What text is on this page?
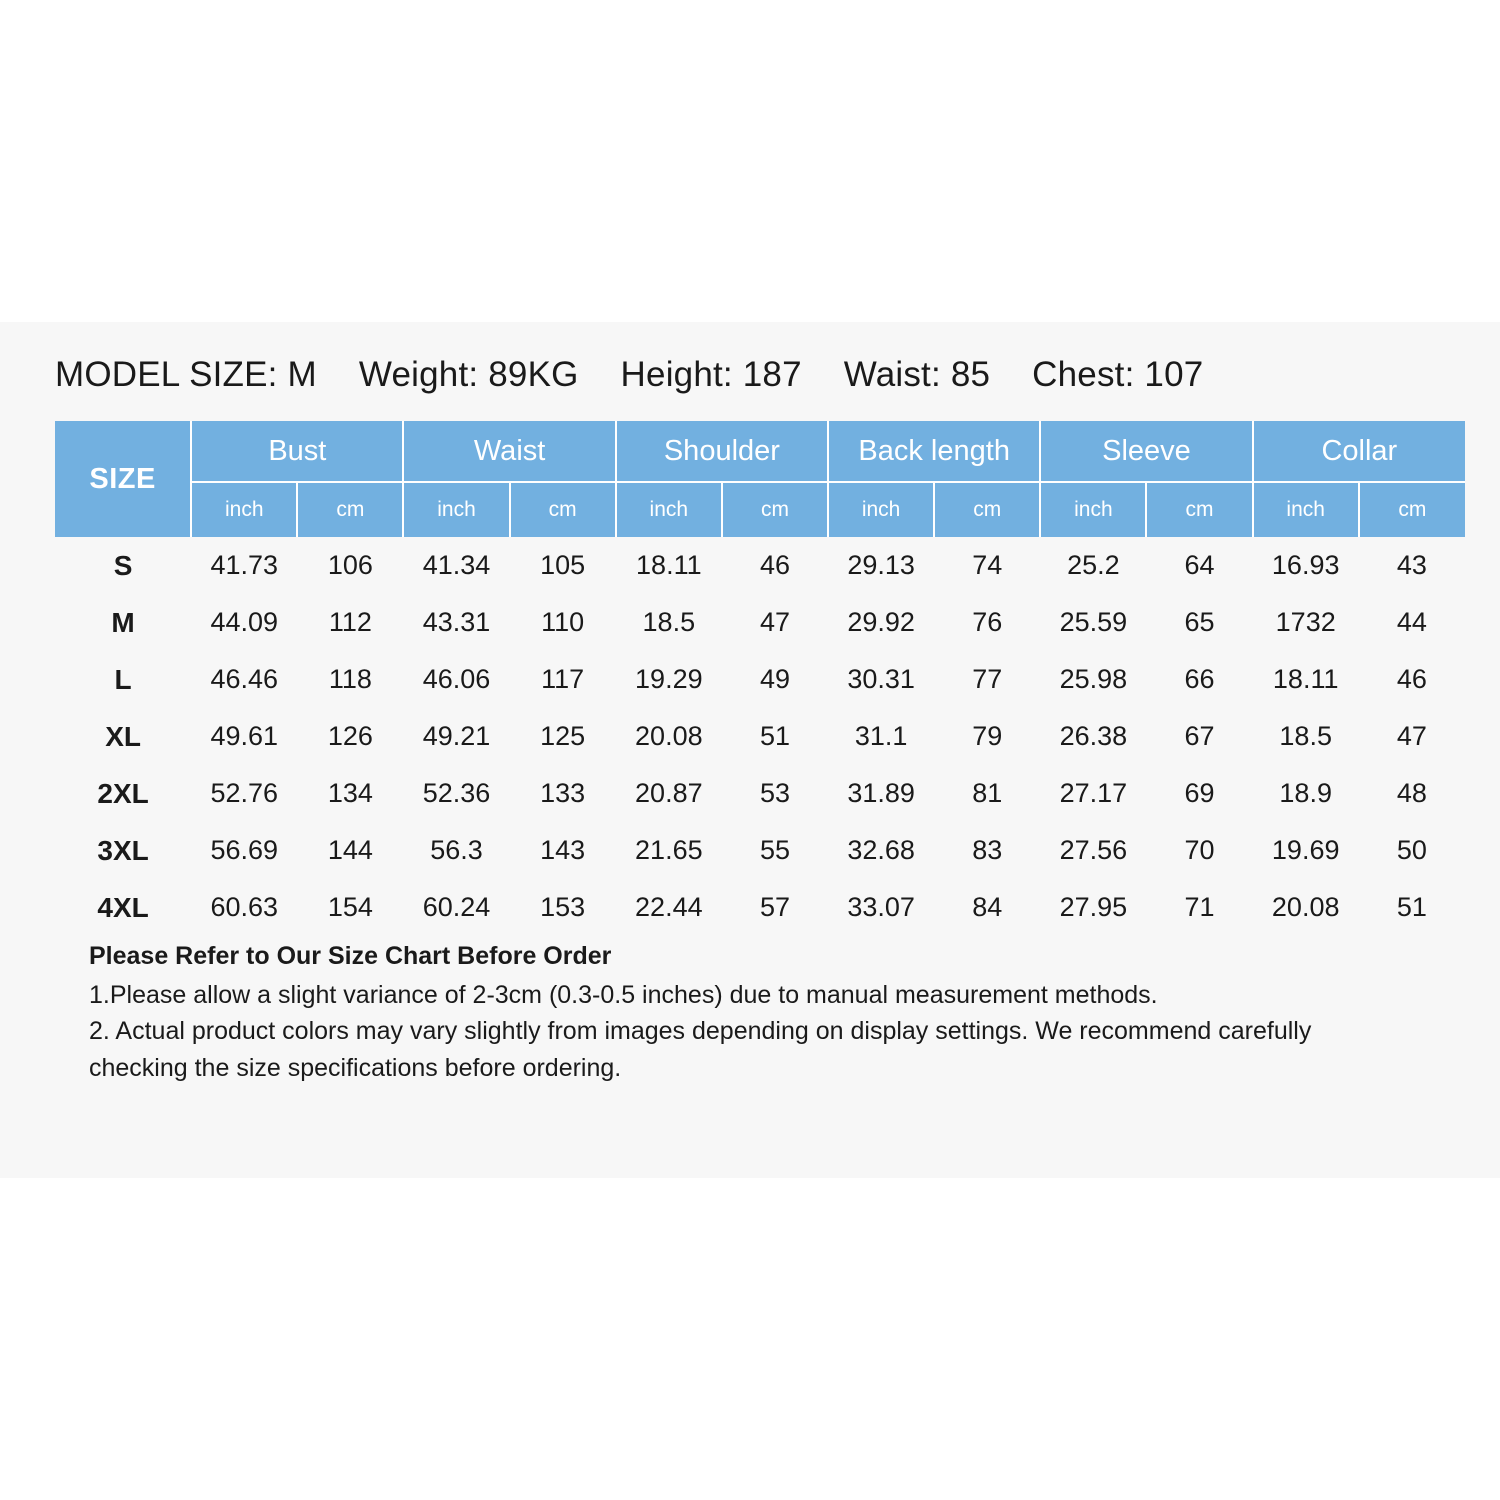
MODEL SIZE: M Weight: 89KG Height: 187 Waist: 85 Chest: 107
SIZE	Bust		Waist		Shoulder		Back length		Sleeve		Collar	
	inch	cm	inch	cm	inch	cm	inch	cm	inch	cm	inch	cm
S	41.73	106	41.34	105	18.11	46	29.13	74	25.2	64	16.93	43
M	44.09	112	43.31	110	18.5	47	29.92	76	25.59	65	1732	44
L	46.46	118	46.06	117	19.29	49	30.31	77	25.98	66	18.11	46
XL	49.61	126	49.21	125	20.08	51	31.1	79	26.38	67	18.5	47
2XL	52.76	134	52.36	133	20.87	53	31.89	81	27.17	69	18.9	48
3XL	56.69	144	56.3	143	21.65	55	32.68	83	27.56	70	19.69	50
4XL	60.63	154	60.24	153	22.44	57	33.07	84	27.95	71	20.08	51
Please Refer to Our Size Chart Before Order
1.Please allow a slight variance of 2-3cm (0.3-0.5 inches) due to manual measurement methods.
2. Actual product colors may vary slightly from images depending on display settings. We recommend carefully
checking the size specifications before ordering.
